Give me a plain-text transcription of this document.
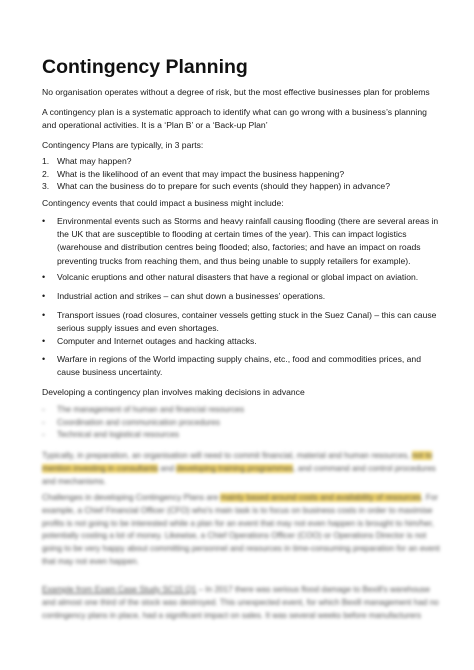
Contingency Planning

No organisation operates without a degree of risk, but the most effective businesses plan for problems

A contingency plan is a systematic approach to identify what can go wrong with a business’s planning and operational activities. It is a ‘Plan B’ or a ‘Back-up Plan’

Contingency Plans are typically, in 3 parts:

1. What may happen?
2. What is the likelihood of an event that may impact the business happening?
3. What can the business do to prepare for such events (should they happen) in advance?

Contingency events that could impact a business might include:

•	Environmental events such as Storms and heavy rainfall causing flooding (there are several areas in the UK that are susceptible to flooding at certain times of the year). This can impact logistics (warehouse and distribution centres being flooded; also, factories; and have an impact on roads preventing trucks from reaching them, and thus being unable to supply retailers for example).
•	Volcanic eruptions and other natural disasters that have a regional or global impact on aviation.
•	Industrial action and strikes – can shut down a businesses’ operations.
•	Transport issues (road closures, container vessels getting stuck in the Suez Canal) – this can cause serious supply issues and even shortages.
•	Computer and Internet outages and hacking attacks.
•	Warfare in regions of the World impacting supply chains, etc., food and commodities prices, and cause business uncertainty.

Developing a contingency plan involves making decisions in advance

-	The management of human and financial resources
-	Coordination and communication procedures
-	Technical and logistical resources

Typically, in preparation, an organisation will need to commit financial, material and human resources, not to mention investing in consultants and developing training programmes, and command and control procedures and mechanisms.

Challenges in developing Contingency Plans are mainly based around costs and availability of resources. For example, a Chief Financial Officer (CFO) who's main task is to focus on business costs in order to maximise profits is not going to be interested while a plan for an event that may not even happen is brought to him/her, potentially costing a lot of money. Likewise, a Chief Operations Officer (COO) or Operations Director is not going to be very happy about committing personnel and resources in time-consuming preparation for an event that may not even happen.

Example from Exam Case Study SC15 Q1 – In 2017 there was serious flood damage to Bexill's warehouse and almost one third of the stock was destroyed. This unexpected event, for which Bexill management had no contingency plans in place, had a significant impact on sales. It was several weeks before manufacturers
